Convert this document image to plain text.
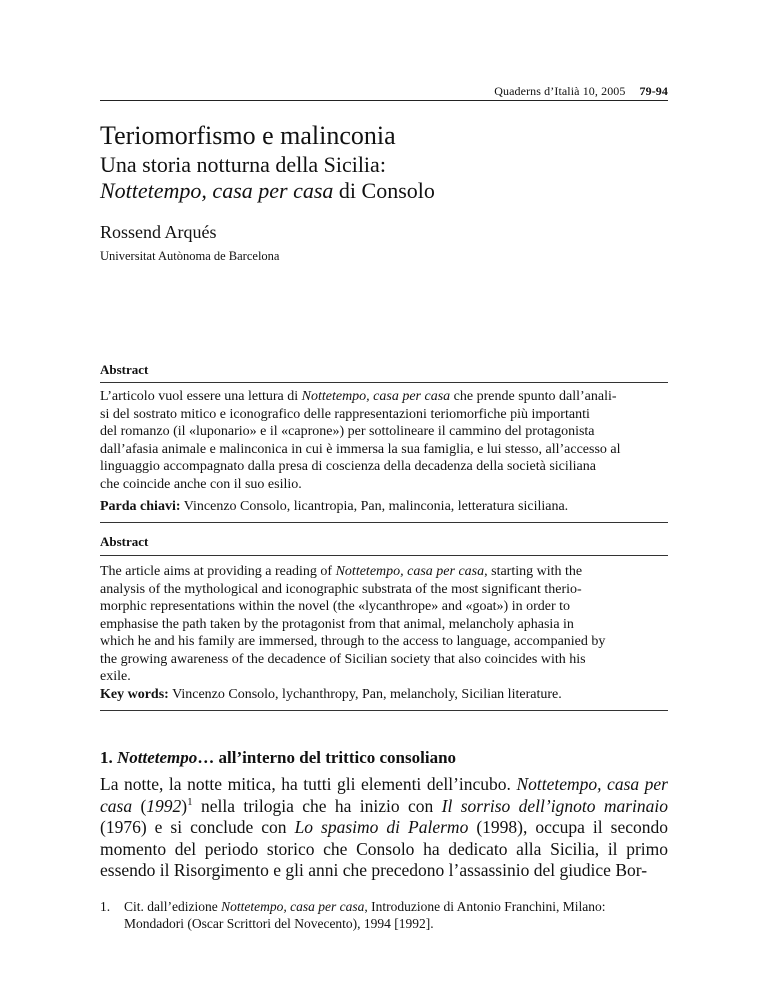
Quaderns d’Italià 10, 2005 79-94
Teriomorfismo e malinconia
Una storia notturna della Sicilia:
Nottetempo, casa per casa di Consolo
Rossend Arqués
Universitat Autònoma de Barcelona
Abstract
L’articolo vuol essere una lettura di Nottetempo, casa per casa che prende spunto dall’anali-
si del sostrato mitico e iconografico delle rappresentazioni teriomorfiche più importanti
del romanzo (il «luponario» e il «caprone») per sottolineare il cammino del protagonista
dall’afasia animale e malinconica in cui è immersa la sua famiglia, e lui stesso, all’accesso al
linguaggio accompagnato dalla presa di coscienza della decadenza della società siciliana
che coincide anche con il suo esilio.
Parda chiavi: Vincenzo Consolo, licantropia, Pan, malinconia, letteratura siciliana.
Abstract
The article aims at providing a reading of Nottetempo, casa per casa, starting with the
analysis of the mythological and iconographic substrata of the most significant therio-
morphic representations within the novel (the «lycanthrope» and «goat») in order to
emphasise the path taken by the protagonist from that animal, melancholy aphasia in
which he and his family are immersed, through to the access to language, accompanied by
the growing awareness of the decadence of Sicilian society that also coincides with his
exile.
Key words: Vincenzo Consolo, lychanthropy, Pan, melancholy, Sicilian literature.
1. Nottetempo… all’interno del trittico consoliano
La notte, la notte mitica, ha tutti gli elementi dell’incubo. Nottetempo, casa per casa $(1992)^1$ nella trilogia che ha inizio con Il sorriso dell’ignoto marinaio (1976) e si conclude con Lo spasimo di Palermo (1998), occupa il secondo momento del periodo storico che Consolo ha dedicato alla Sicilia, il primo essendo il Risorgimento e gli anni che precedono l’assassinio del giudice Bor-
1. Cit. dall’edizione Nottetempo, casa per casa, Introduzione di Antonio Franchini, Milano: Mondadori (Oscar Scrittori del Novecento), 1994 [1992].
